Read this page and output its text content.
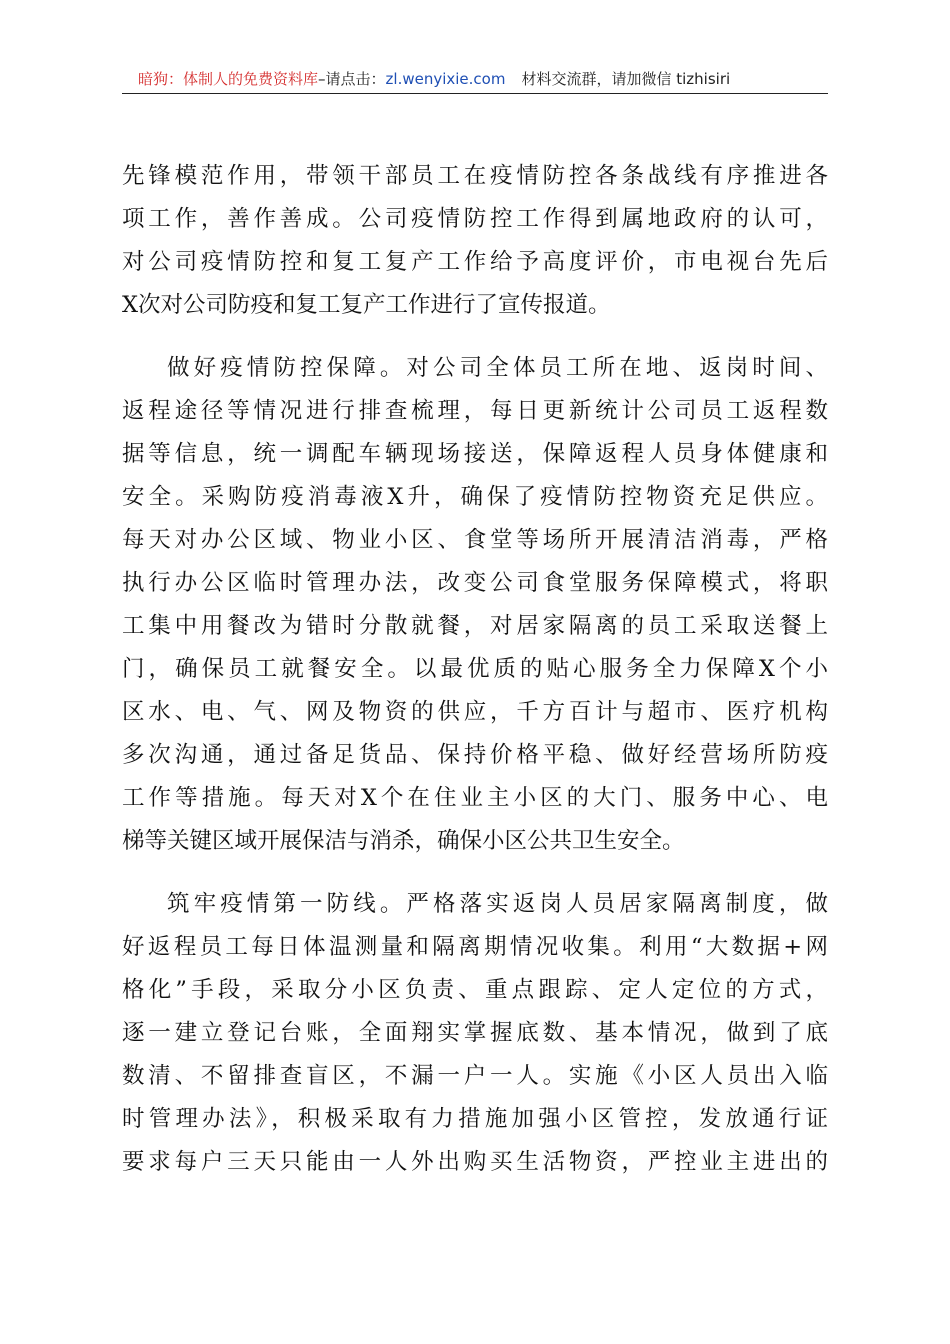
暗狗：体制人的免费资料库–请点击：zl.wenyixie.com 材料交流群，请加微信 tizhisiri
先锋模范作用，带领干部员工在疫情防控各条战线有序推进各
项工作，善作善成。公司疫情防控工作得到属地政府的认可，
对公司疫情防控和复工复产工作给予高度评价，市电视台先后
X次对公司防疫和复工复产工作进行了宣传报道。
做好疫情防控保障。对公司全体员工所在地、返岗时间、
返程途径等情况进行排查梳理，每日更新统计公司员工返程数
据等信息，统一调配车辆现场接送，保障返程人员身体健康和
安全。采购防疫消毒液X升，确保了疫情防控物资充足供应。
每天对办公区域、物业小区、食堂等场所开展清洁消毒，严格
执行办公区临时管理办法，改变公司食堂服务保障模式，将职
工集中用餐改为错时分散就餐，对居家隔离的员工采取送餐上
门，确保员工就餐安全。以最优质的贴心服务全力保障X个小
区水、电、气、网及物资的供应，千方百计与超市、医疗机构
多次沟通，通过备足货品、保持价格平稳、做好经营场所防疫
工作等措施。每天对X个在住业主小区的大门、服务中心、电
梯等关键区域开展保洁与消杀，确保小区公共卫生安全。
筑牢疫情第一防线。严格落实返岗人员居家隔离制度，做
好返程员工每日体温测量和隔离期情况收集。利用“大数据+网
格化”手段，采取分小区负责、重点跟踪、定人定位的方式，
逐一建立登记台账，全面翔实掌握底数、基本情况，做到了底
数清、不留排查盲区，不漏一户一人。实施《小区人员出入临
时管理办法》，积极采取有力措施加强小区管控，发放通行证
要求每户三天只能由一人外出购买生活物资，严控业主进出的
